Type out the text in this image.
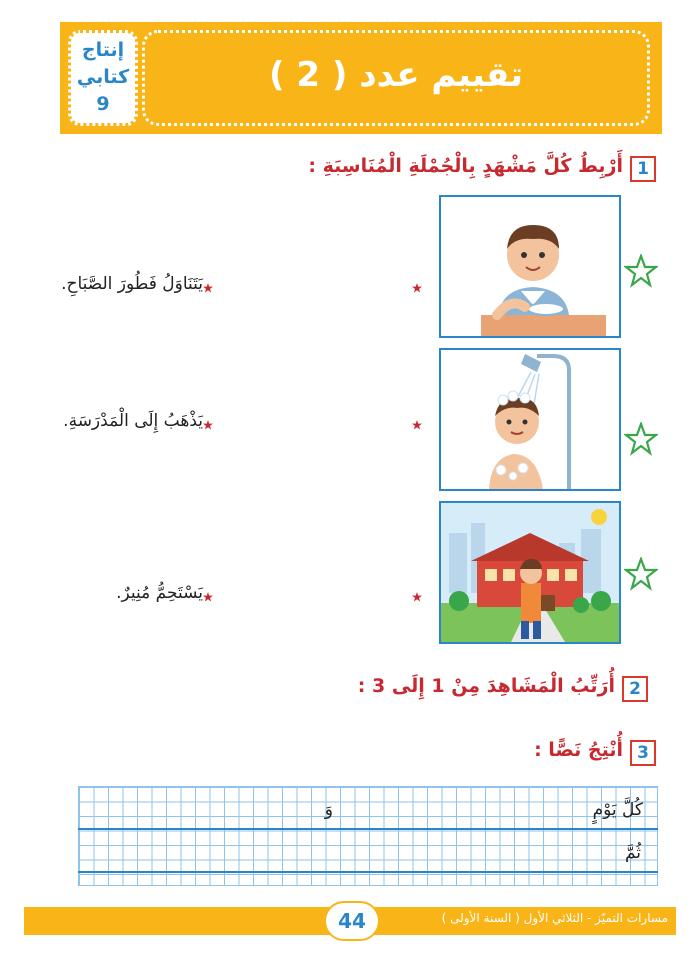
إنتاج
كتابي
9
تقييم عدد ( 2 )
1
أَرْبِطُ كُلَّ مَشْهَدٍ بِالْجُمْلَةِ الْمُنَاسِبَةِ :
يَتَنَاوَلُ فَطُورَ الصَّبَاحِ.
يَذْهَبُ إِلَى الْمَدْرَسَةِ.
يَسْتَحِمُّ مُنِيرٌ.
2
أُرَتِّبُ الْمَشَاهِدَ مِنْ 1 إِلَى 3 :
3
أُنْتِجُ نَصًّا :
كُلَّ يَوْمٍ
وَ
ثُمَّ
مسارات التميّز - الثلاثي الأول ( السنة الأولى )
44
